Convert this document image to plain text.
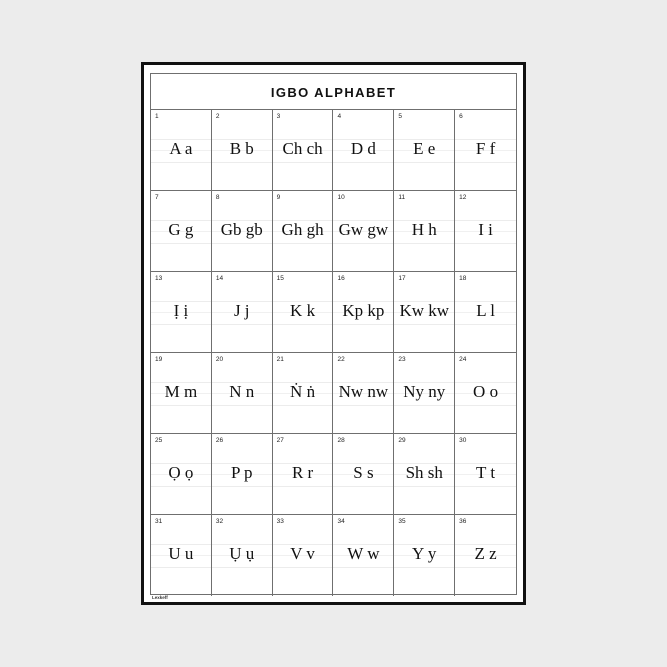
IGBO ALPHABET
1
A a
2
B b
3
Ch ch
4
D d
5
E e
6
F f
7
G g
8
Gb gb
9
Gh gh
10
Gw gw
11
H h
12
I i
13
Ị ị
14
J j
15
K k
16
Kp kp
17
Kw kw
18
L l
19
M m
20
N n
21
Ṅ ṅ
22
Nw nw
23
Ny ny
24
O o
25
Ọ ọ
26
P p
27
R r
28
S s
29
Sh sh
30
T t
31
U u
32
Ụ ụ
33
V v
34
W w
35
Y y
36
Z z
Lexkeff
